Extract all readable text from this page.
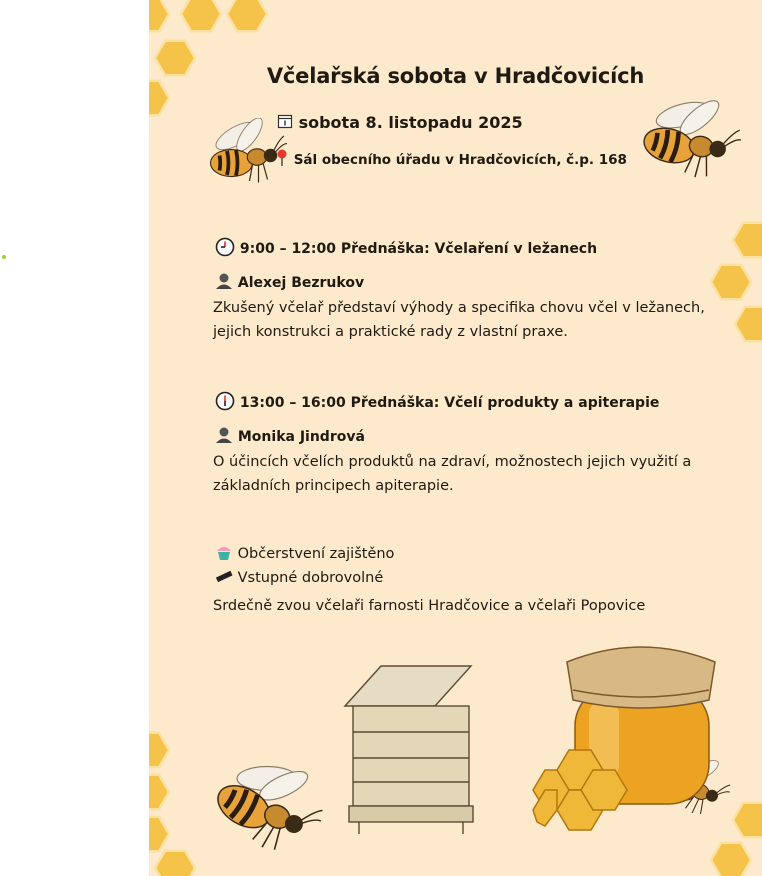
Včelařská sobota v Hradčovicích
sobota 8. listopadu 2025
Sál obecního úřadu v Hradčovicích, č.p. 168
9:00 – 12:00 Přednáška: Včelaření v ležanech
Alexej Bezrukov
Zkušený včelař představí výhody a specifika chovu včel v ležanech, jejich konstrukci a praktické rady z vlastní praxe.
13:00 – 16:00 Přednáška: Včelí produkty a apiterapie
Monika Jindrová
O účincích včelích produktů na zdraví, možnostech jejich využití a základních principech apiterapie.
Občerstvení zajištěno
Vstupné dobrovolné
Srdečně zvou včelaři farnosti Hradčovice a včelaři Popovice
